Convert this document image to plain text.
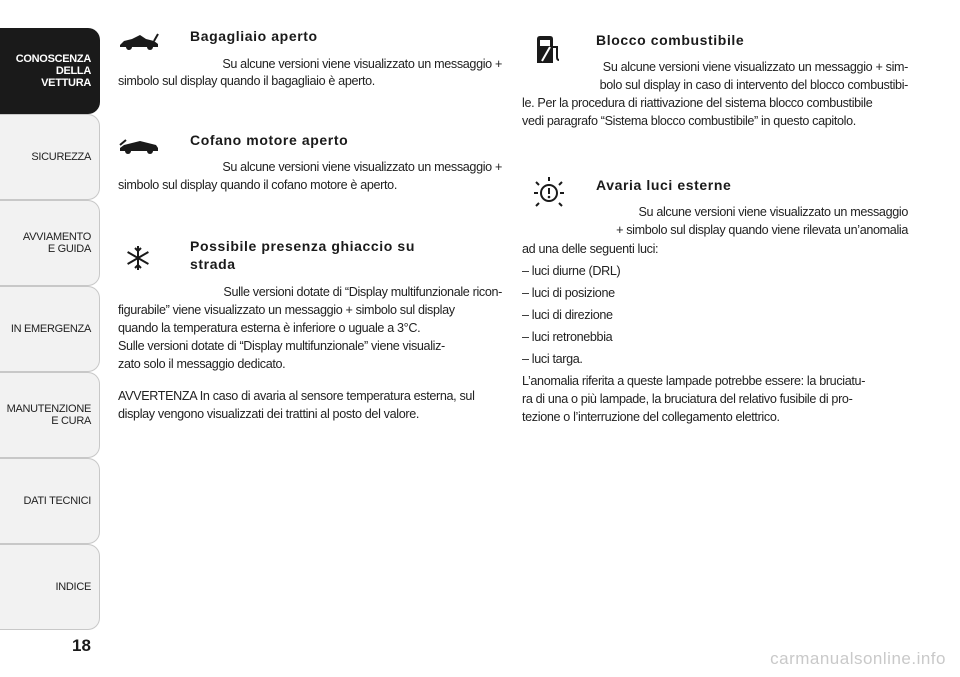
CONOSCENZA
DELLA
VETTURA
SICUREZZA
AVVIAMENTO
E GUIDA
IN EMERGENZA
MANUTENZIONE
E CURA
DATI TECNICI
INDICE
18
Bagagliaio aperto

Su alcune versioni viene visualizzato un messaggio +

simbolo sul display quando il bagagliaio è aperto.

Cofano motore aperto

Su alcune versioni viene visualizzato un messaggio +

simbolo sul display quando il cofano motore è aperto.

Possibile presenza ghiaccio su
strada

Sulle versioni dotate di “Display multifunzionale ricon-

figurabile” viene visualizzato un messaggio + simbolo sul display

quando la temperatura esterna è inferiore o uguale a 3°C.

Sulle versioni dotate di “Display multifunzionale” viene visualiz-

zato solo il messaggio dedicato.

AVVERTENZA In caso di avaria al sensore temperatura esterna, sul

display vengono visualizzati dei trattini al posto del valore.

Blocco combustibile

Su alcune versioni viene visualizzato un messaggio + sim-

bolo sul display in caso di intervento del blocco combustibi-

le. Per la procedura di riattivazione del sistema blocco combustibile

vedi paragrafo “Sistema blocco combustibile” in questo capitolo.

Avaria luci esterne

Su alcune versioni viene visualizzato un messaggio

+ simbolo sul display quando viene rilevata un’anomalia

ad una delle seguenti luci:

– luci diurne (DRL)

– luci di posizione

– luci di direzione

– luci retronebbia

– luci targa.

L’anomalia riferita a queste lampade potrebbe essere: la bruciatu-

ra di una o più lampade, la bruciatura del relativo fusibile di pro-

tezione o l’interruzione del collegamento elettrico.

carmanualsonline.info
